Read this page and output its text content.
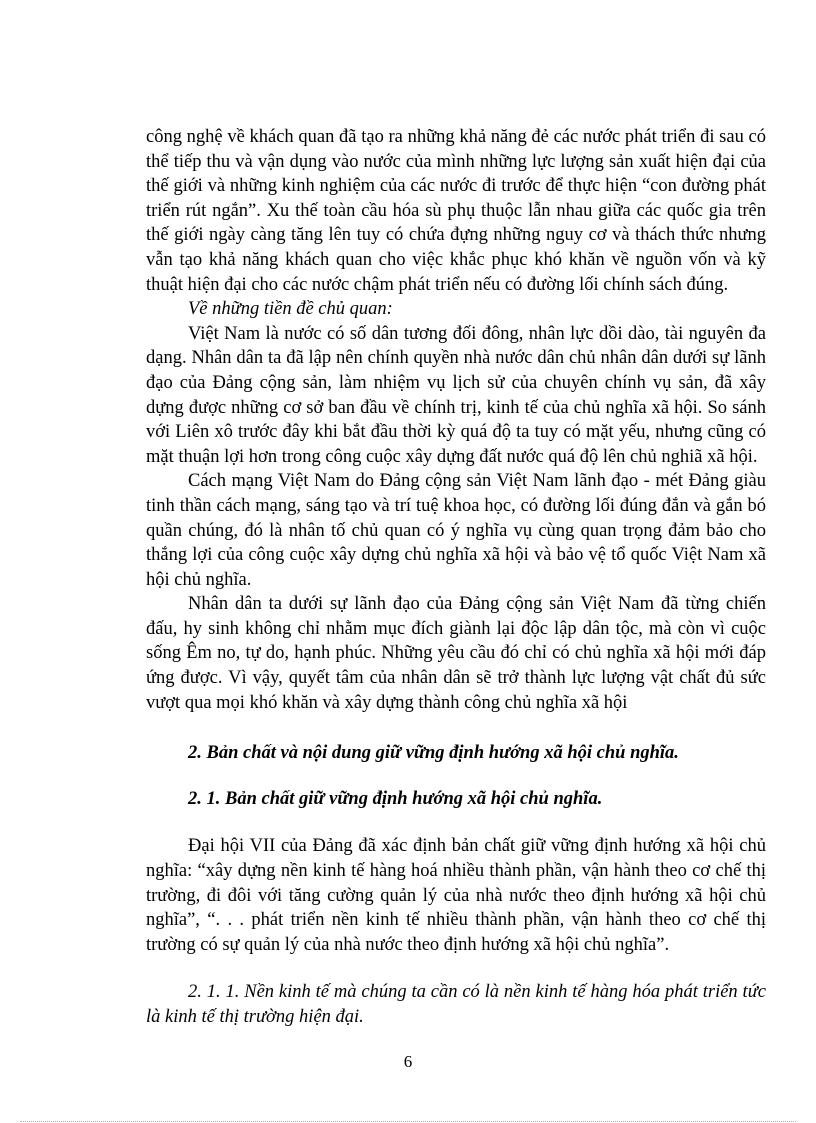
công nghệ về khách quan đã tạo ra những khả năng đẻ các nước phát triển đi sau có thể tiếp thu và vận dụng vào nước của mình những lực lượng sản xuất hiện đại của thế giới và những kinh nghiệm của các nước đi trước để thực hiện “con đường phát triển rút ngắn”. Xu thế toàn cầu hóa sù phụ thuộc lẫn nhau giữa các quốc gia trên thế giới ngày càng tăng lên tuy có chứa đựng những nguy cơ và thách thức nhưng vẫn tạo khả năng khách quan cho việc khắc phục khó khăn về nguồn vốn và kỹ thuật hiện đại cho các nước chậm phát triển nếu có đường lối chính sách đúng.

Về những tiền đề chủ quan:

Việt Nam là nước có số dân tương đối đông, nhân lực dồi dào, tài nguyên đa dạng. Nhân dân ta đã lập nên chính quyền nhà nước dân chủ nhân dân dưới sự lãnh đạo của Đảng cộng sản, làm nhiệm vụ lịch sử của chuyên chính vụ sản, đã xây dựng được những cơ sở ban đầu về chính trị, kinh tế của chủ nghĩa xã hội. So sánh với Liên xô trước đây khi bắt đầu thời kỳ quá độ ta tuy có mặt yếu, nhưng cũng có mặt thuận lợi hơn trong công cuộc xây dựng đất nước quá độ lên chủ nghiã xã hội.

Cách mạng Việt Nam do Đảng cộng sản Việt Nam lãnh đạo - mét Đảng giàu tinh thần cách mạng, sáng tạo và trí tuệ khoa học, có đường lối đúng đắn và gắn bó quần chúng, đó là nhân tố chủ quan có ý nghĩa vụ cùng quan trọng đảm bảo cho thắng lợi của công cuộc xây dựng chủ nghĩa xã hội và bảo vệ tổ quốc Việt Nam xã hội chủ nghĩa.

Nhân dân ta dưới sự lãnh đạo của Đảng cộng sản Việt Nam đã từng chiến đấu, hy sinh không chỉ nhằm mục đích giành lại độc lập dân tộc, mà còn vì cuộc sống Êm no, tự do, hạnh phúc. Những yêu cầu đó chỉ có chủ nghĩa xã hội mới đáp ứng được. Vì vậy, quyết tâm của nhân dân sẽ trở thành lực lượng vật chất đủ sức vượt qua mọi khó khăn và xây dựng thành công chủ nghĩa xã hội

2. Bản chất và nội dung giữ vững định hướng xã hội chủ nghĩa.

2. 1. Bản chất giữ vững định hướng xã hội chủ nghĩa.

Đại hội VII của Đảng đã xác định bản chất giữ vững định hướng xã hội chủ nghĩa: “xây dựng nền kinh tế hàng hoá nhiều thành phần, vận hành theo cơ chế thị trường, đi đôi với tăng cường quản lý của nhà nước theo định hướng xã hội chủ nghĩa”, “. . . phát triển nền kinh tế nhiều thành phần, vận hành theo cơ chế thị trường có sự quản lý của nhà nước theo định hướng xã hội chủ nghĩa”.

2. 1. 1. Nền kinh tế mà chúng ta cần có là nền kinh tế hàng hóa phát triển tức là kinh tế thị trường hiện đại.

6
